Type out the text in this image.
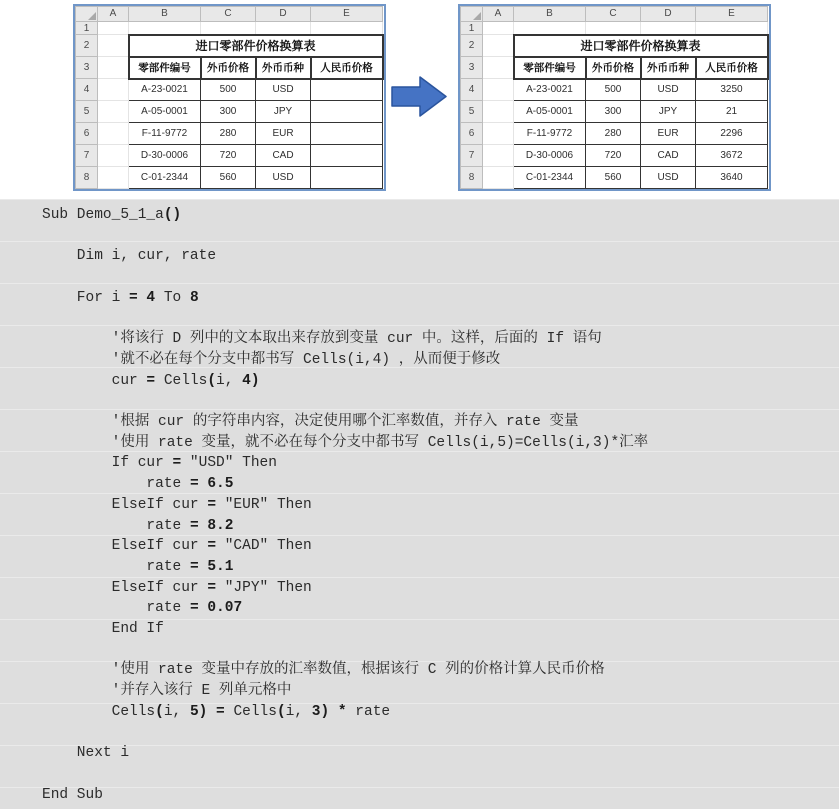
	A	B	C	D	E
1					
2		进口零部件价格换算表			
3		零部件编号	外币价格	外币币种	人民币价格
4		A-23-0021	500	USD	
5		A-05-0001	300	JPY	
6		F-11-9772	280	EUR	
7		D-30-0006	720	CAD	
8		C-01-2344	560	USD	
	A	B	C	D	E
1					
2		进口零部件价格换算表			
3		零部件编号	外币价格	外币币种	人民币价格
4		A-23-0021	500	USD	3250
5		A-05-0001	300	JPY	21
6		F-11-9772	280	EUR	2296
7		D-30-0006	720	CAD	3672
8		C-01-2344	560	USD	3640
Sub Demo_5_1_a()

Dim i, cur, rate

For i = 4 To 8

'将该行 D 列中的文本取出来存放到变量 cur 中。这样，后面的 If 语句
'就不必在每个分支中都书写 Cells(i,4) ，从而便于修改
cur = Cells(i, 4)

'根据 cur 的字符串内容，决定使用哪个汇率数值，并存入 rate 变量
'使用 rate 变量，就不必在每个分支中都书写 Cells(i,5)=Cells(i,3)*汇率
If cur = "USD" Then
rate = 6.5
ElseIf cur = "EUR" Then
rate = 8.2
ElseIf cur = "CAD" Then
rate = 5.1
ElseIf cur = "JPY" Then
rate = 0.07
End If

'使用 rate 变量中存放的汇率数值，根据该行 C 列的价格计算人民币价格
'并存入该行 E 列单元格中
Cells(i, 5) = Cells(i, 3) * rate

Next i

End Sub
